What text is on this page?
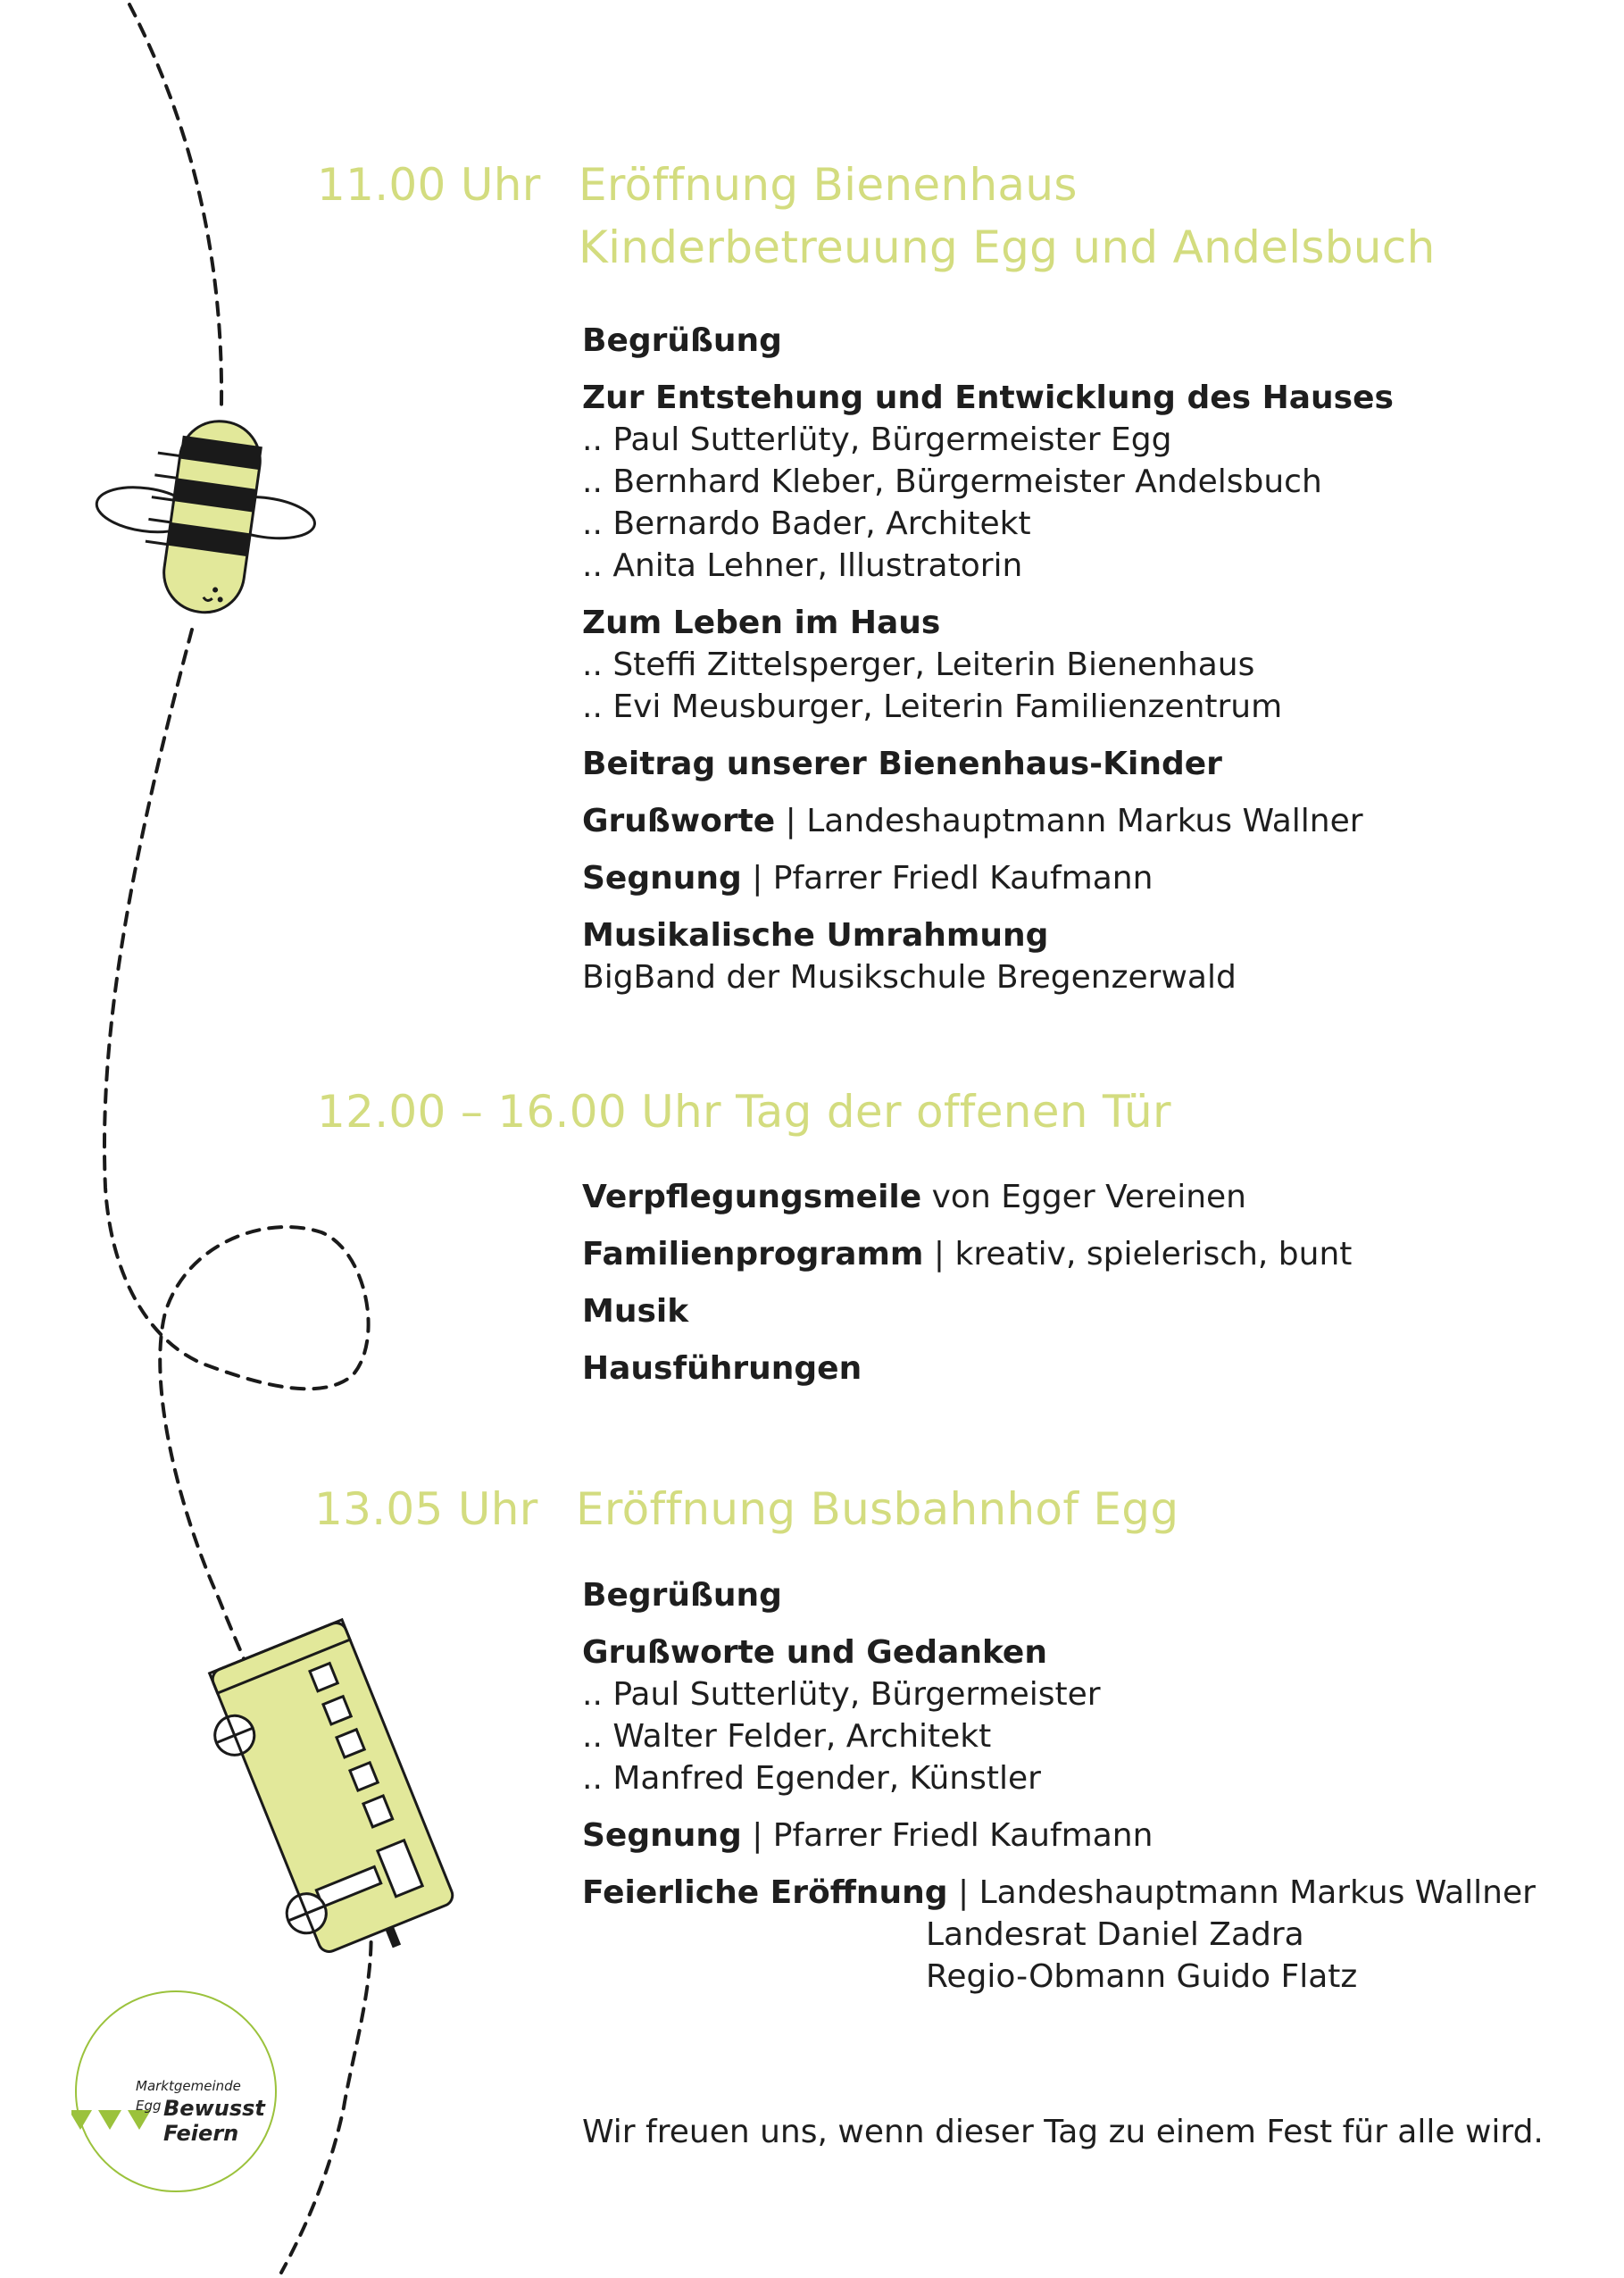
11.00 Uhr Eröffnung Bienenhaus
Kinderbetreuung Egg und Andelsbuch
Begrüßung
Zur Entstehung und Entwicklung des Hauses
.. Paul Sutterlüty, Bürgermeister Egg
.. Bernhard Kleber, Bürgermeister Andelsbuch
.. Bernardo Bader, Architekt
.. Anita Lehner, Illustratorin
Zum Leben im Haus
.. Steffi Zittelsperger, Leiterin Bienenhaus
.. Evi Meusburger, Leiterin Familienzentrum
Beitrag unserer Bienenhaus-Kinder
Grußworte | Landeshauptmann Markus Wallner
Segnung | Pfarrer Friedl Kaufmann
Musikalische Umrahmung
BigBand der Musikschule Bregenzerwald
12.00 – 16.00 Uhr Tag der offenen Tür
Verpflegungsmeile von Egger Vereinen
Familienprogramm | kreativ, spielerisch, bunt
Musik
Hausführungen
13.05 Uhr Eröffnung Busbahnhof Egg
Begrüßung
Grußworte und Gedanken
.. Paul Sutterlüty, Bürgermeister
.. Walter Felder, Architekt
.. Manfred Egender, Künstler
Segnung | Pfarrer Friedl Kaufmann
Feierliche Eröffnung | Landeshauptmann Markus Wallner
Landesrat Daniel Zadra
Regio-Obmann Guido Flatz
Wir freuen uns, wenn dieser Tag zu einem Fest für alle wird.
Marktgemeinde
Egg Bewusst
Feiern
